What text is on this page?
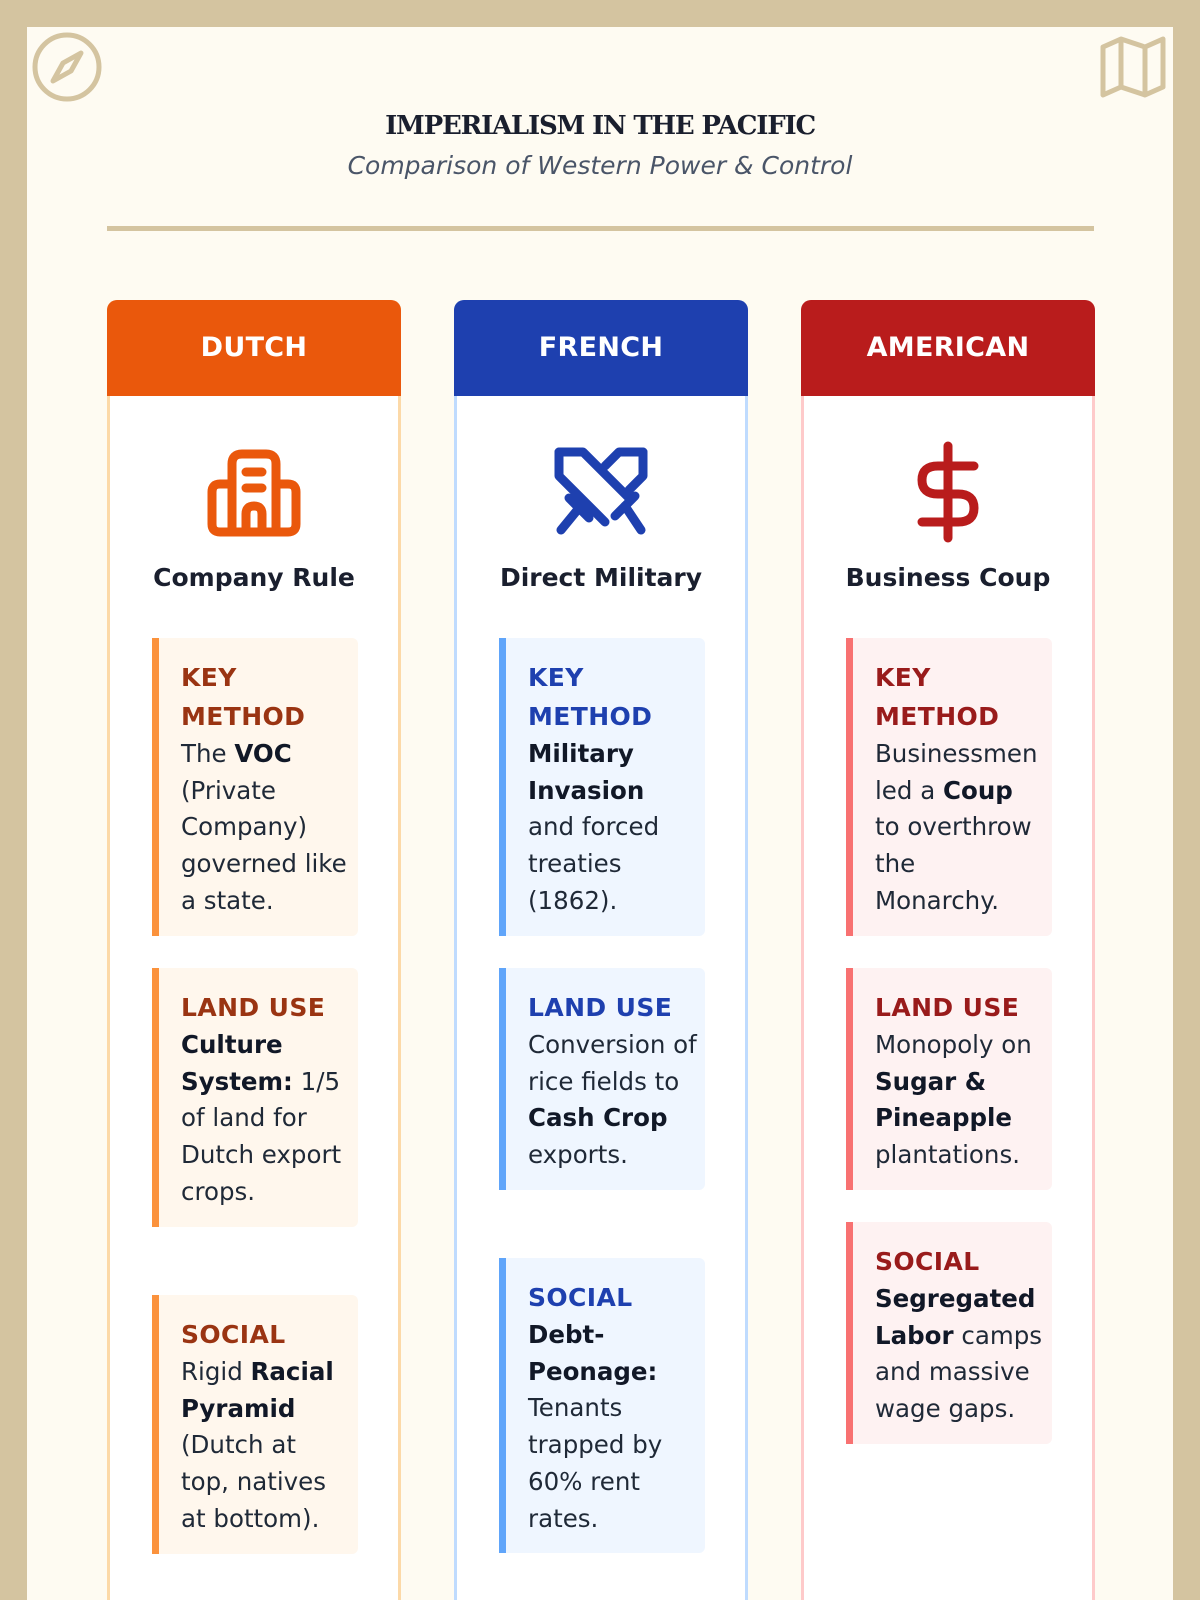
IMPERIALISM IN THE PACIFIC
Comparison of Western Power & Control
DUTCH
Company Rule
KEY METHOD
The VOC (Private Company) governed like a state.
LAND USE
Culture System: 1/5 of land for Dutch export crops.
SOCIAL
Rigid Racial Pyramid (Dutch at top, natives at bottom).
FRENCH
Direct Military
KEY METHOD
Military Invasion and forced treaties (1862).
LAND USE
Conversion of rice fields to Cash Crop exports.
SOCIAL
Debt-Peonage: Tenants trapped by 60% rent rates.
AMERICAN
Business Coup
KEY METHOD
Businessmen led a Coup to overthrow the Monarchy.
LAND USE
Monopoly on Sugar & Pineapple plantations.
SOCIAL
Segregated Labor camps and massive wage gaps.
